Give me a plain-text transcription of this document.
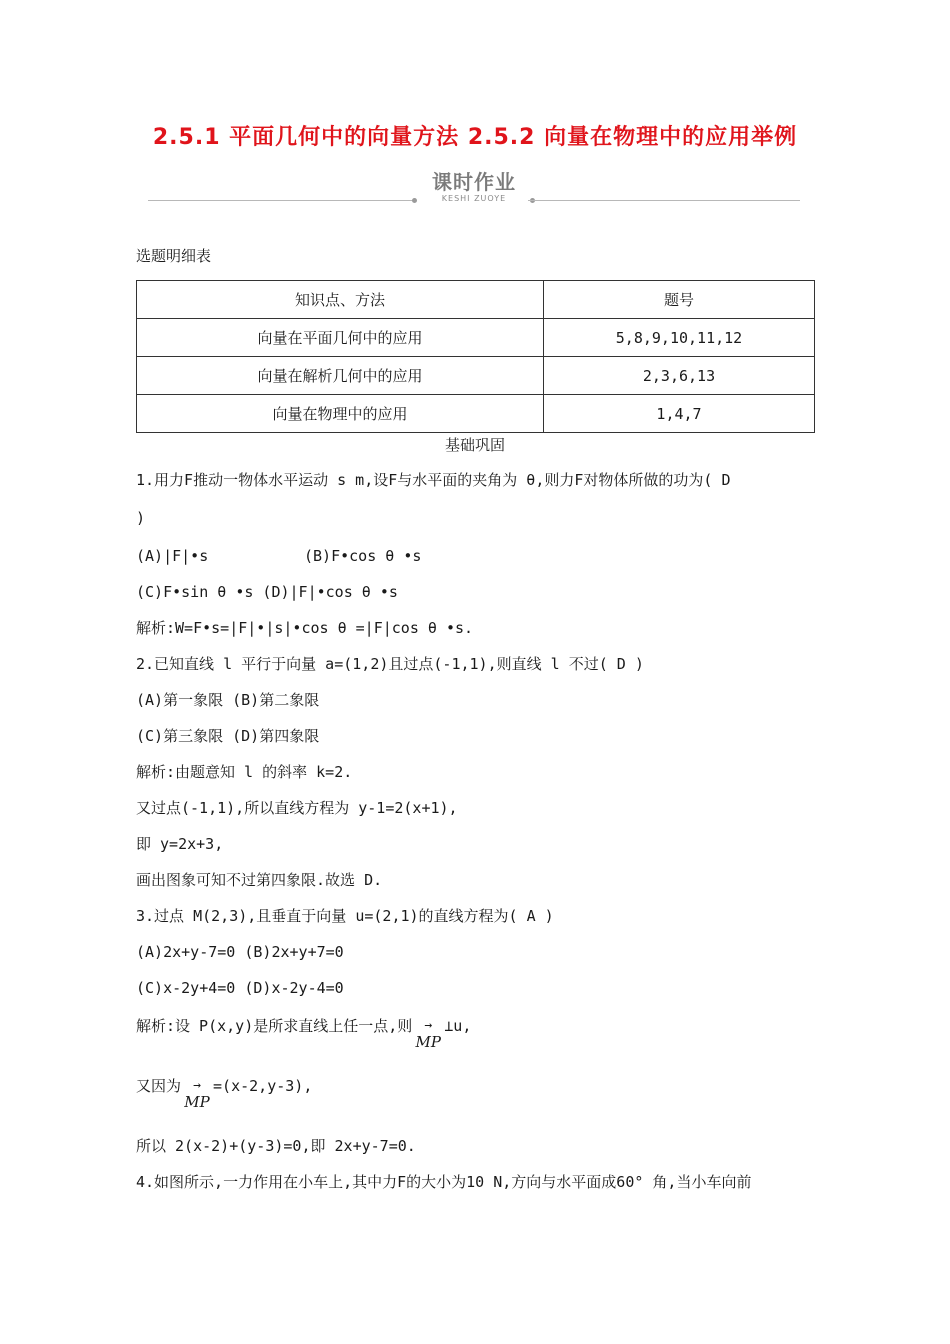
2.5.1 平面几何中的向量方法 2.5.2 向量在物理中的应用举例
课时作业
KESHI ZUOYE
选题明细表
知识点、方法	题号
向量在平面几何中的应用	5,8,9,10,11,12
向量在解析几何中的应用	2,3,6,13
向量在物理中的应用	1,4,7
基础巩固
1.用力F推动一物体水平运动 s m,设F与水平面的夹角为 θ,则力F对物体所做的功为( D
)
(A)|F|•s	(B)F•cos θ •s
(C)F•sin θ •s (D)|F|•cos θ •s
解析:W=F•s=|F|•|s|•cos θ =|F|cos θ •s.
2.已知直线 l 平行于向量 a=(1,2)且过点(-1,1),则直线 l 不过( D )
(A)第一象限 (B)第二象限
(C)第三象限 (D)第四象限
解析:由题意知 l 的斜率 k=2.
又过点(-1,1),所以直线方程为 y-1=2(x+1),
即 y=2x+3,
画出图象可知不过第四象限.故选 D.
3.过点 M(2,3),且垂直于向量 u=(2,1)的直线方程为( A )
(A)2x+y-7=0 (B)2x+y+7=0
(C)x-2y+4=0 (D)x-2y-4=0
解析:设 P(x,y)是所求直线上任一点,则 →
MP
⊥u,
又因为 →
MP
=(x-2,y-3),
所以 2(x-2)+(y-3)=0,即 2x+y-7=0.
4.如图所示,一力作用在小车上,其中力F的大小为10 N,方向与水平面成60° 角,当小车向前
